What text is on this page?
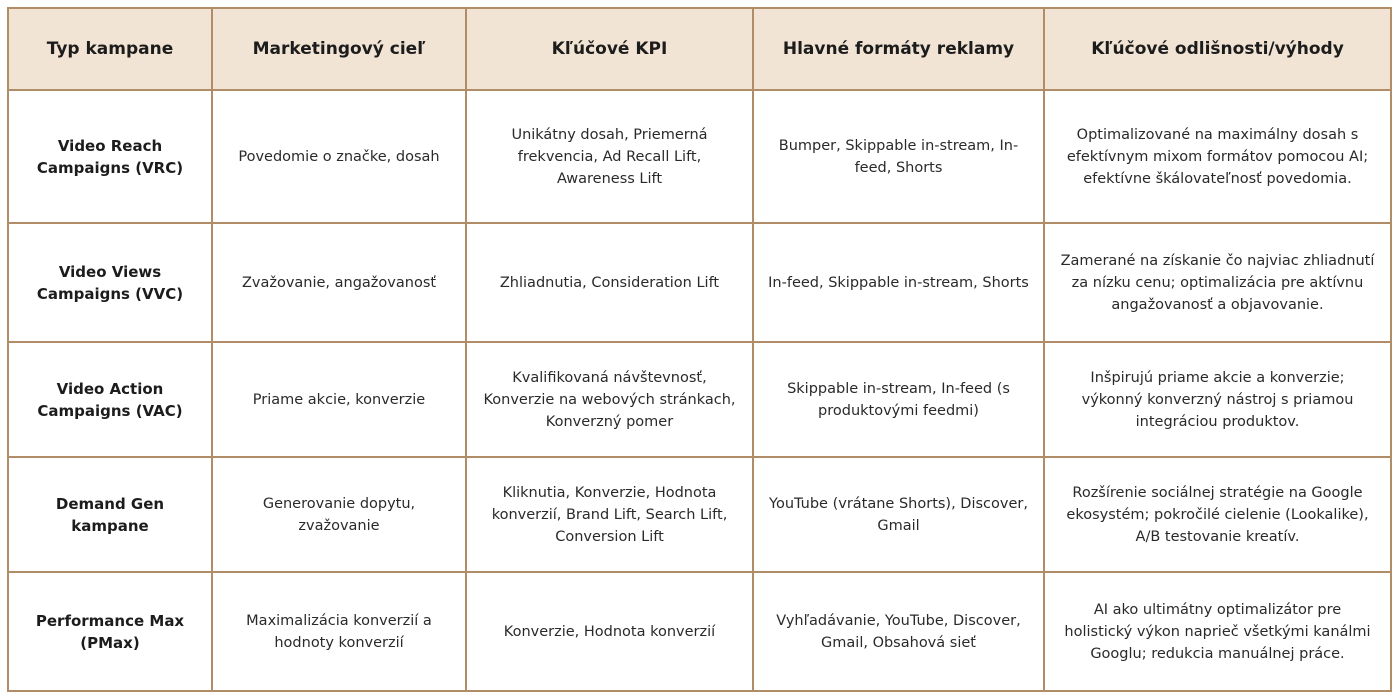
Typ kampane	Marketingový cieľ	Kľúčové KPI	Hlavné formáty reklamy	Kľúčové odlišnosti/výhody
Video Reach Campaigns (VRC)	Povedomie o značke, dosah	Unikátny dosah, Priemerná frekvencia, Ad Recall Lift, Awareness Lift	Bumper, Skippable in-stream, In-feed, Shorts	Optimalizované na maximálny dosah s efektívnym mixom formátov pomocou AI; efektívne škálovateľnosť povedomia.
Video Views Campaigns (VVC)	Zvažovanie, angažovanosť	Zhliadnutia, Consideration Lift	In-feed, Skippable in-stream, Shorts	Zamerané na získanie čo najviac zhliadnutí za nízku cenu; optimalizácia pre aktívnu angažovanosť a objavovanie.
Video Action Campaigns (VAC)	Priame akcie, konverzie	Kvalifikovaná návštevnosť, Konverzie na webových stránkach, Konverzný pomer	Skippable in-stream, In-feed (s produktovými feedmi)	Inšpirujú priame akcie a konverzie; výkonný konverzný nástroj s priamou integráciou produktov.
Demand Gen kampane	Generovanie dopytu, zvažovanie	Kliknutia, Konverzie, Hodnota konverzií, Brand Lift, Search Lift, Conversion Lift	YouTube (vrátane Shorts), Discover, Gmail	Rozšírenie sociálnej stratégie na Google ekosystém; pokročilé cielenie (Lookalike), A/B testovanie kreatív.
Performance Max (PMax)	Maximalizácia konverzií a hodnoty konverzií	Konverzie, Hodnota konverzií	Vyhľadávanie, YouTube, Discover, Gmail, Obsahová sieť	AI ako ultimátny optimalizátor pre holistický výkon naprieč všetkými kanálmi Googlu; redukcia manuálnej práce.
